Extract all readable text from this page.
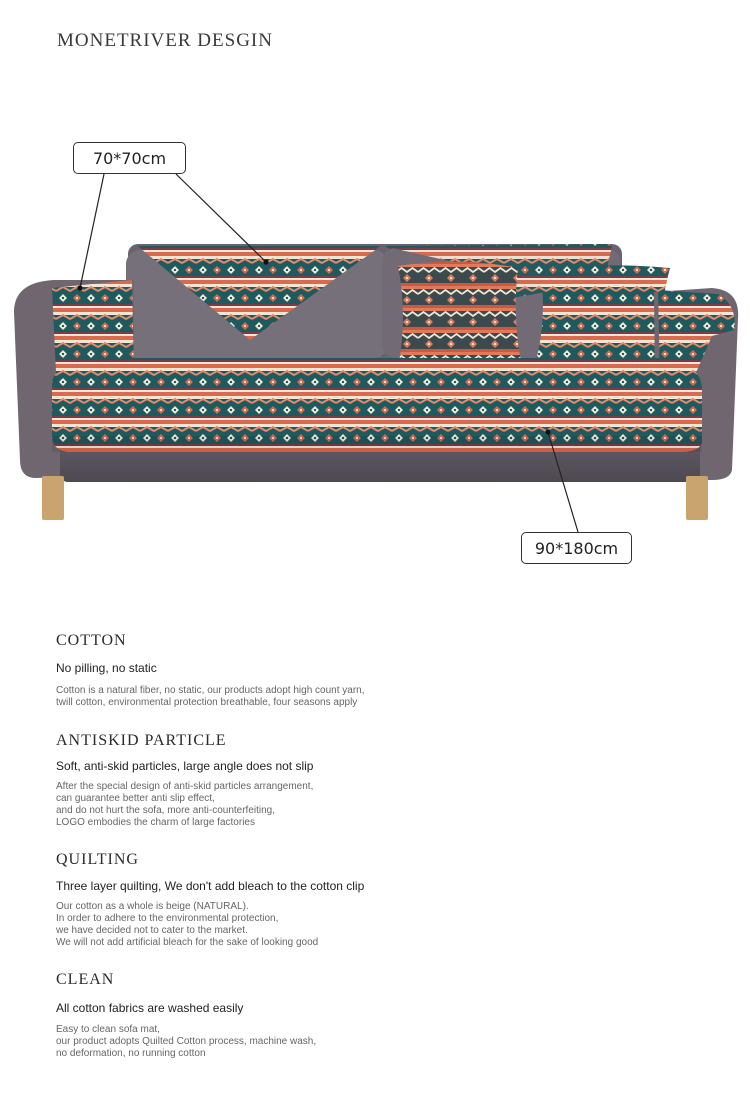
MONETRIVER DESGIN
70*70cm
90*180cm
COTTON

No pilling, no static

Cotton is a natural fiber, no static, our products adopt high count yarn,
twill cotton, environmental protection breathable, four seasons apply

ANTISKID PARTICLE

Soft, anti-skid particles, large angle does not slip

After the special design of anti-skid particles arrangement,
can guarantee better anti slip effect,
and do not hurt the sofa, more anti-counterfeiting,
LOGO embodies the charm of large factories

QUILTING

Three layer quilting, We don't add bleach to the cotton clip

Our cotton as a whole is beige (NATURAL).
In order to adhere to the environmental protection,
we have decided not to cater to the market.
We will not add artificial bleach for the sake of looking good

CLEAN

All cotton fabrics are washed easily

Easy to clean sofa mat,
our product adopts Quilted Cotton process, machine wash,
no deformation, no running cotton
